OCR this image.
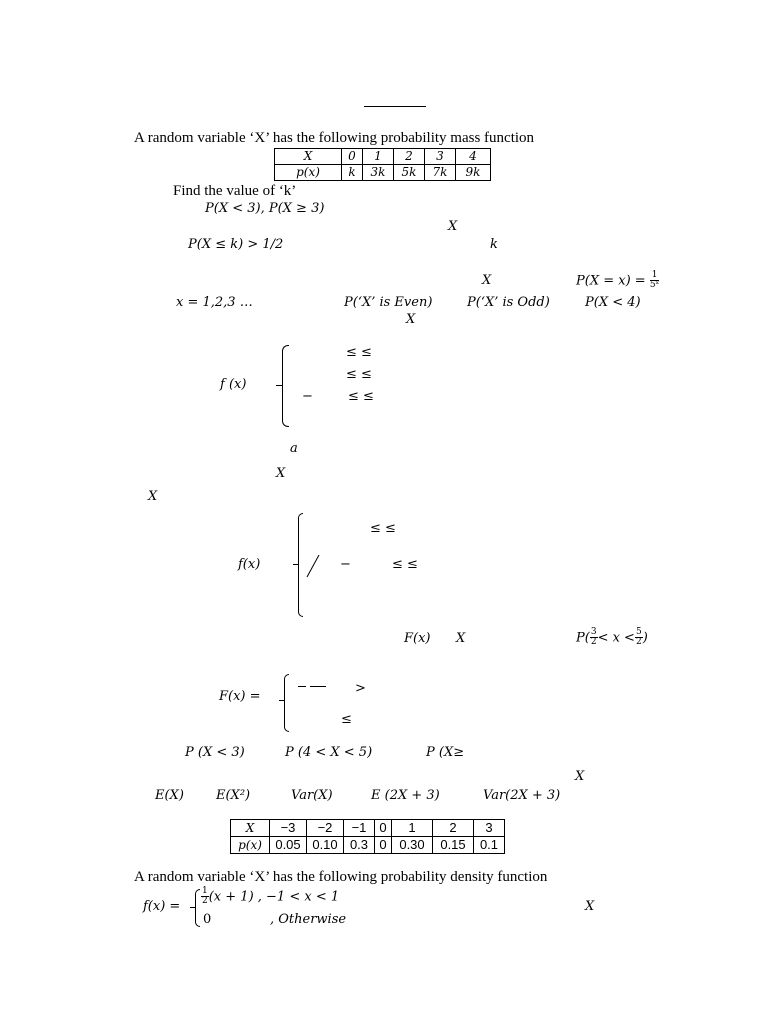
A random variable ‘X’ has the following probability mass function
X	0	1	2	3	4
p(x)	k	3k	5k	7k	9k
Find the value of ‘k’
P(X < 3), P(X ≥ 3)
X
P(X ≤ k) > 1/2	k
X	$P(X = x) = \frac{1}{\text{5ˣ}}$
x = 1,2,3 …	P(‘X’ is Even)	P(‘X’ is Odd)	P(X < 4)
X
f (x)
≤ ≤
≤ ≤
−	≤ ≤
a
X
X
f(x)
≤ ≤
−	≤ ≤
F(x) X	$P( \frac{3}{2} < x < \frac{5}{2}$ )
F(x) =
>
≤
P (X < 3)	P (4 < X < 5)	P (X≥
X
E(X) E(X²)	Var(X)	E (2X + 3)	Var(2X + 3)
X	−3	−2	−1	0	1	2	3
p(x)	0.05	0.10	0.3	0	0.30	0.15	0.1
A random variable ‘X’ has the following probability density function
$f(x) = \frac{1}{2} (x + 1)$ , −1 < x < 1
0	, Otherwise
X
